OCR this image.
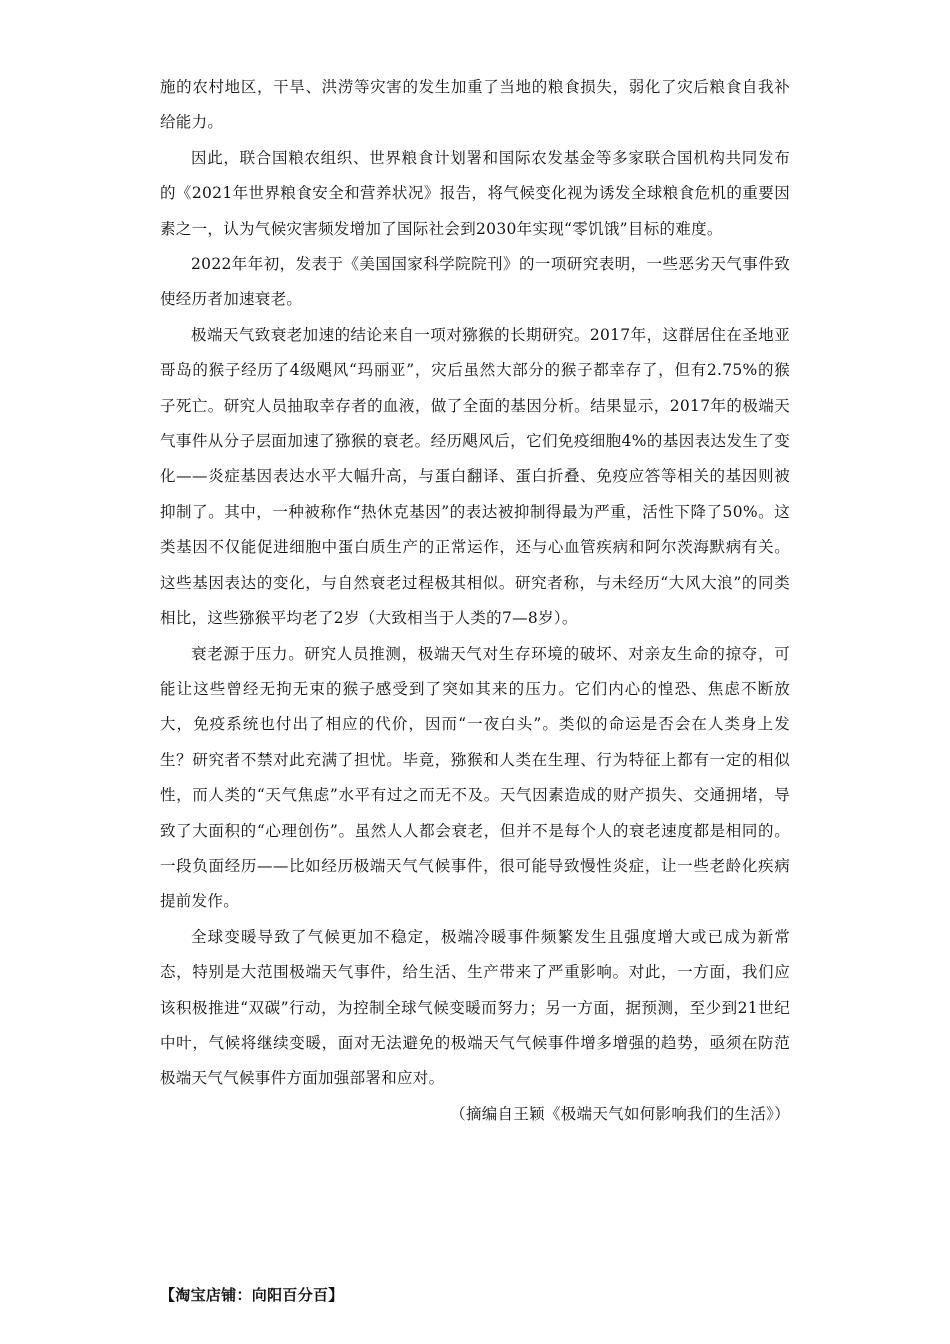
施的农村地区，干旱、洪涝等灾害的发生加重了当地的粮食损失，弱化了灾后粮食自我补给能力。

因此，联合国粮农组织、世界粮食计划署和国际农发基金等多家联合国机构共同发布的《2021年世界粮食安全和营养状况》报告，将气候变化视为诱发全球粮食危机的重要因素之一，认为气候灾害频发增加了国际社会到2030年实现“零饥饿”目标的难度。

2022年年初，发表于《美国国家科学院院刊》的一项研究表明，一些恶劣天气事件致使经历者加速衰老。

极端天气致衰老加速的结论来自一项对猕猴的长期研究。2017年，这群居住在圣地亚哥岛的猴子经历了4级飓风“玛丽亚”，灾后虽然大部分的猴子都幸存了，但有2.75%的猴子死亡。研究人员抽取幸存者的血液，做了全面的基因分析。结果显示，2017年的极端天气事件从分子层面加速了猕猴的衰老。经历飓风后，它们免疫细胞4%的基因表达发生了变化——炎症基因表达水平大幅升高，与蛋白翻译、蛋白折叠、免疫应答等相关的基因则被抑制了。其中，一种被称作“热休克基因”的表达被抑制得最为严重，活性下降了50%。这类基因不仅能促进细胞中蛋白质生产的正常运作，还与心血管疾病和阿尔茨海默病有关。这些基因表达的变化，与自然衰老过程极其相似。研究者称，与未经历“大风大浪”的同类相比，这些猕猴平均老了2岁（大致相当于人类的7—8岁）。

衰老源于压力。研究人员推测，极端天气对生存环境的破坏、对亲友生命的掠夺，可能让这些曾经无拘无束的猴子感受到了突如其来的压力。它们内心的惶恐、焦虑不断放大，免疫系统也付出了相应的代价，因而“一夜白头”。类似的命运是否会在人类身上发生？研究者不禁对此充满了担忧。毕竟，猕猴和人类在生理、行为特征上都有一定的相似性，而人类的“天气焦虑”水平有过之而无不及。天气因素造成的财产损失、交通拥堵，导致了大面积的“心理创伤”。虽然人人都会衰老，但并不是每个人的衰老速度都是相同的。一段负面经历——比如经历极端天气气候事件，很可能导致慢性炎症，让一些老龄化疾病提前发作。

全球变暖导致了气候更加不稳定，极端冷暖事件频繁发生且强度增大或已成为新常态，特别是大范围极端天气事件，给生活、生产带来了严重影响。对此，一方面，我们应该积极推进“双碳”行动，为控制全球气候变暖而努力；另一方面，据预测，至少到21世纪中叶，气候将继续变暖，面对无法避免的极端天气气候事件增多增强的趋势，亟须在防范极端天气气候事件方面加强部署和应对。

（摘编自王颖《极端天气如何影响我们的生活》）

【淘宝店铺：向阳百分百】
